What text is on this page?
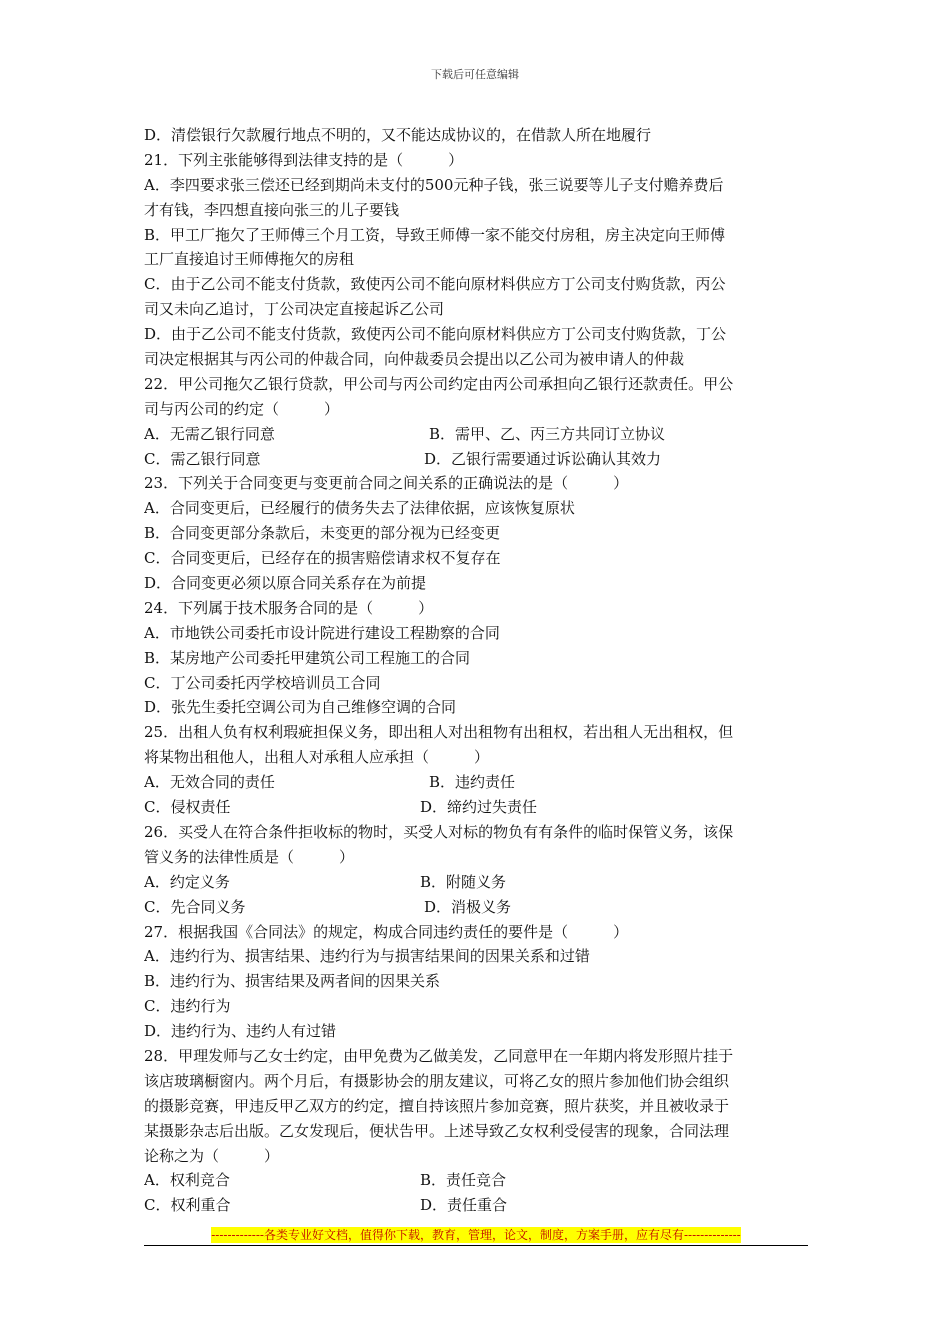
下载后可任意编辑
D．清偿银行欠款履行地点不明的，又不能达成协议的，在借款人所在地履行
21．下列主张能够得到法律支持的是（　　　）
A．李四要求张三偿还已经到期尚未支付的500元种子钱，张三说要等儿子支付赡养费后
才有钱，李四想直接向张三的儿子要钱
B．甲工厂拖欠了王师傅三个月工资，导致王师傅一家不能交付房租，房主决定向王师傅
工厂直接追讨王师傅拖欠的房租
C．由于乙公司不能支付货款，致使丙公司不能向原材料供应方丁公司支付购货款，丙公
司又未向乙追讨，丁公司决定直接起诉乙公司
D．由于乙公司不能支付货款，致使丙公司不能向原材料供应方丁公司支付购货款，丁公
司决定根据其与丙公司的仲裁合同，向仲裁委员会提出以乙公司为被申请人的仲裁
22．甲公司拖欠乙银行贷款，甲公司与丙公司约定由丙公司承担向乙银行还款责任。甲公
司与丙公司的约定（　　　）
A．无需乙银行同意	B．需甲、乙、丙三方共同订立协议
C．需乙银行同意	D．乙银行需要通过诉讼确认其效力
23．下列关于合同变更与变更前合同之间关系的正确说法的是（　　　）
A．合同变更后，已经履行的债务失去了法律依据，应该恢复原状
B．合同变更部分条款后，未变更的部分视为已经变更
C．合同变更后，已经存在的损害赔偿请求权不复存在
D．合同变更必须以原合同关系存在为前提
24．下列属于技术服务合同的是（　　　）
A．市地铁公司委托市设计院进行建设工程勘察的合同
B．某房地产公司委托甲建筑公司工程施工的合同
C．丁公司委托丙学校培训员工合同
D．张先生委托空调公司为自己维修空调的合同
25．出租人负有权利瑕疵担保义务，即出租人对出租物有出租权，若出租人无出租权，但
将某物出租他人，出租人对承租人应承担（　　　）
A．无效合同的责任	B．违约责任
C．侵权责任	D．缔约过失责任
26．买受人在符合条件拒收标的物时，买受人对标的物负有有条件的临时保管义务，该保
管义务的法律性质是（　　　）
A．约定义务	B．附随义务
C．先合同义务	D．消极义务
27．根据我国《合同法》的规定，构成合同违约责任的要件是（　　　）
A．违约行为、损害结果、违约行为与损害结果间的因果关系和过错
B．违约行为、损害结果及两者间的因果关系
C．违约行为
D．违约行为、违约人有过错
28．甲理发师与乙女士约定，由甲免费为乙做美发，乙同意甲在一年期内将发形照片挂于
该店玻璃橱窗内。两个月后，有摄影协会的朋友建议，可将乙女的照片参加他们协会组织
的摄影竞赛，甲违反甲乙双方的约定，擅自持该照片参加竞赛，照片获奖，并且被收录于
某摄影杂志后出版。乙女发现后，便状告甲。上述导致乙女权利受侵害的现象，合同法理
论称之为（　　　）
A．权利竞合	B．责任竞合
C．权利重合	D．责任重合
-------------各类专业好文档，值得你下载，教育，管理，论文，制度，方案手册，应有尽有--------------
